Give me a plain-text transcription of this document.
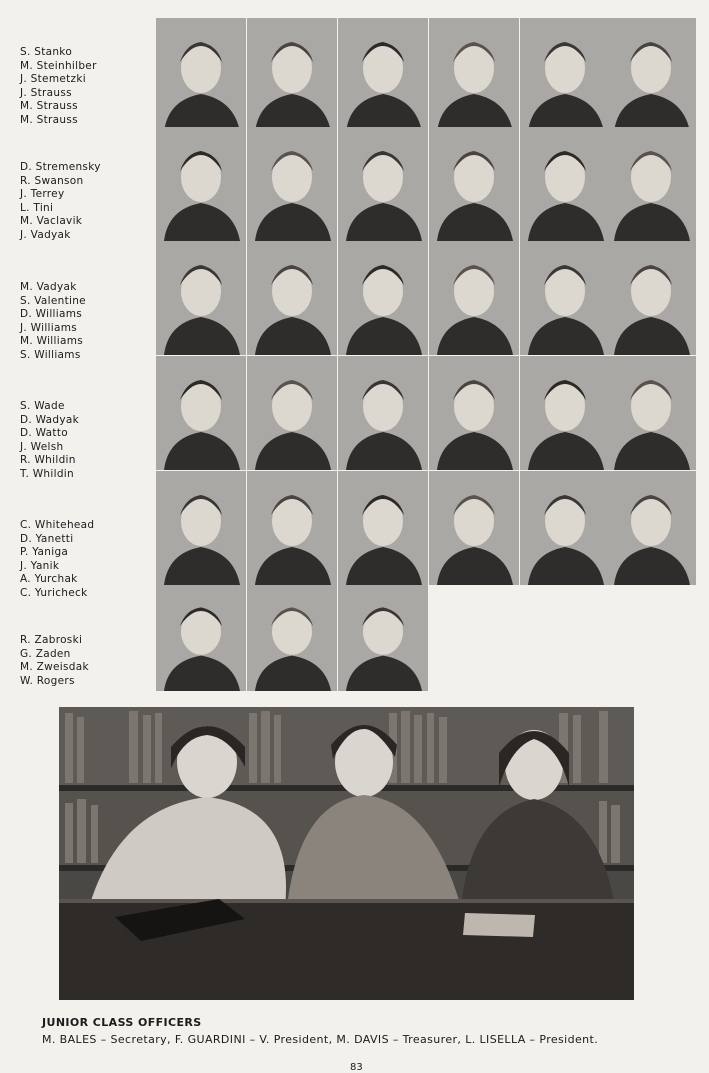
S. Stanko
M. Steinhilber
J. Stemetzki
J. Strauss
M. Strauss
M. Strauss
D. Stremensky
R. Swanson
J. Terrey
L. Tini
M. Vaclavik
J. Vadyak
M. Vadyak
S. Valentine
D. Williams
J. Williams
M. Williams
S. Williams
S. Wade
D. Wadyak
D. Watto
J. Welsh
R. Whildin
T. Whildin
C. Whitehead
D. Yanetti
P. Yaniga
J. Yanik
A. Yurchak
C. Yuricheck
R. Zabroski
G. Zaden
M. Zweisdak
W. Rogers
JUNIOR CLASS OFFICERS
M. BALES – Secretary, F. GUARDINI – V. President, M. DAVIS – Treasurer, L. LISELLA – President.
83
